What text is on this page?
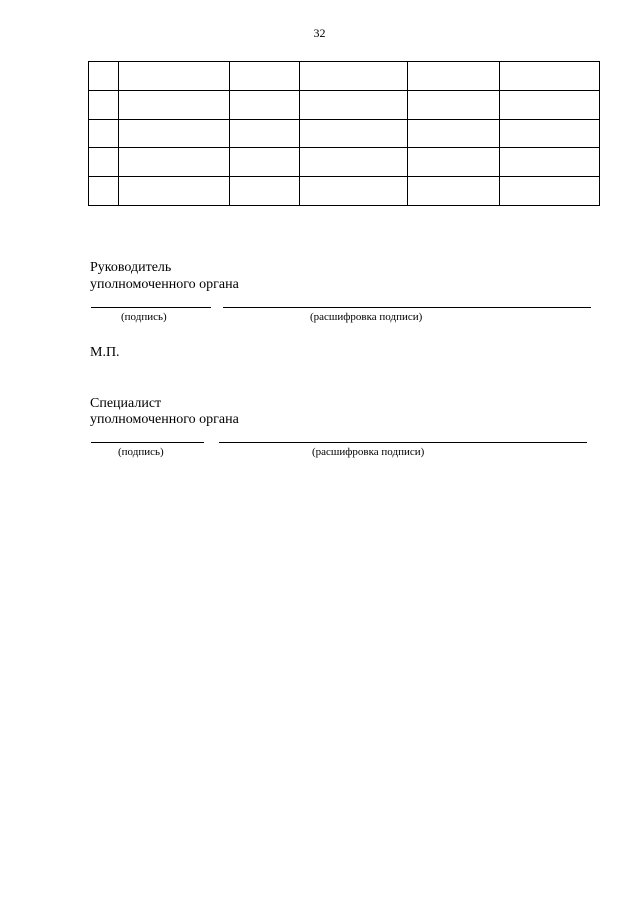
32

Руководитель
уполномоченного органа
(подпись)	(расшифровка подписи)
М.П.
Специалист
уполномоченного органа
(подпись)	(расшифровка подписи)
